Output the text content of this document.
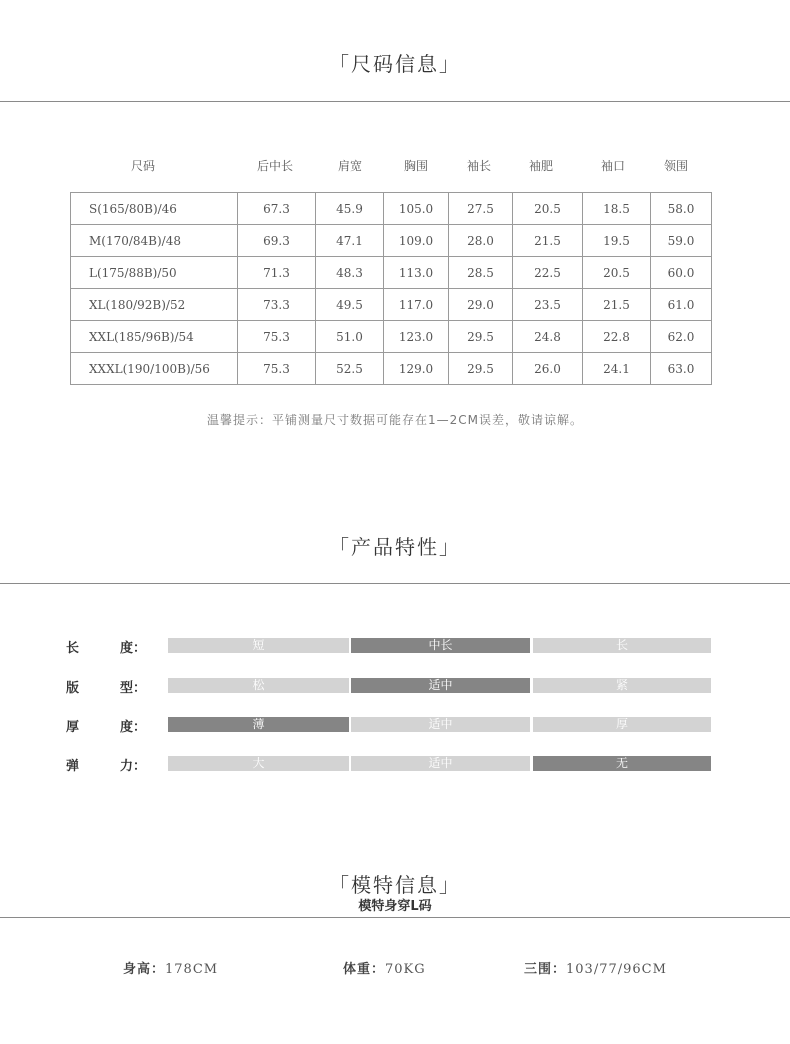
「尺码信息」
尺码	后中长	肩宽	胸围	袖长	袖肥	袖口	领围
S(165/80B)/46	67.3	45.9	105.0	27.5	20.5	18.5	58.0
M(170/84B)/48	69.3	47.1	109.0	28.0	21.5	19.5	59.0
L(175/88B)/50	71.3	48.3	113.0	28.5	22.5	20.5	60.0
XL(180/92B)/52	73.3	49.5	117.0	29.0	23.5	21.5	61.0
XXL(185/96B)/54	75.3	51.0	123.0	29.5	24.8	22.8	62.0
XXXL(190/100B)/56	75.3	52.5	129.0	29.5	26.0	24.1	63.0
温馨提示：平铺测量尺寸数据可能存在1—2CM误差，敬请谅解。
「产品特性」
长	度：	短	中长	长
版	型：	松	适中	紧
厚	度：	薄	适中	厚
弹	力：	大	适中	无
「模特信息」
模特身穿L码
身高：178CM	体重：70KG	三围：103/77/96CM
